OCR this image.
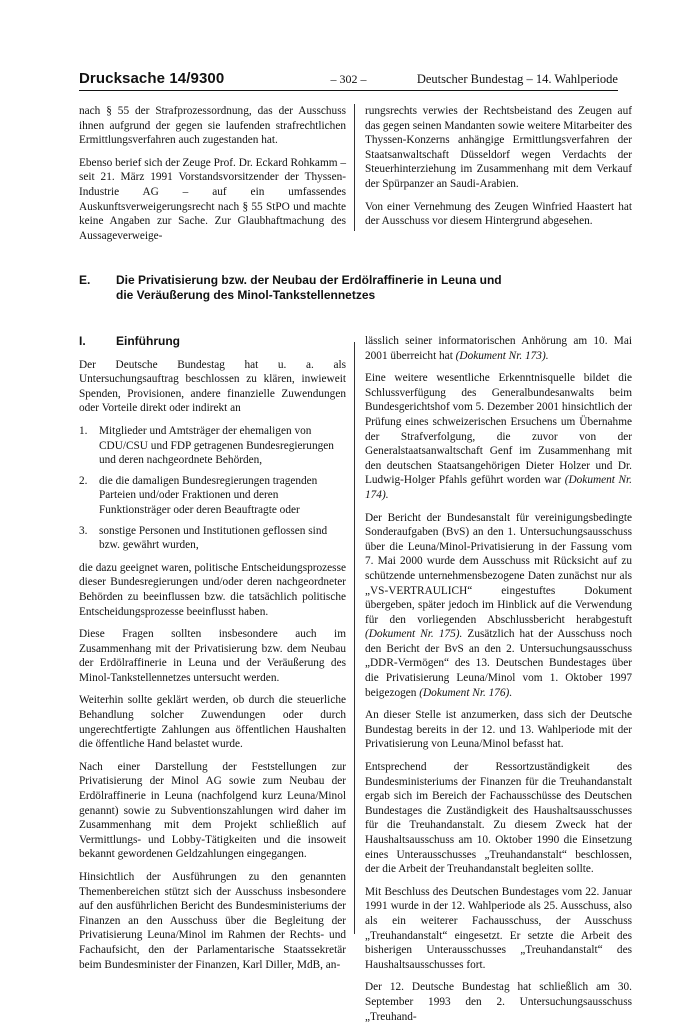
Drucksache 14/9300	– 302 –	Deutscher Bundestag – 14. Wahlperiode

nach § 55 der Strafprozessordnung, das der Ausschuss ihnen aufgrund der gegen sie laufenden strafrechtlichen Ermittlungsverfahren auch zugestanden hat.

Ebenso berief sich der Zeuge Prof. Dr. Eckard Rohkamm – seit 21. März 1991 Vorstandsvorsitzender der Thyssen-Industrie AG – auf ein umfassendes Auskunftsverweigerungsrecht nach § 55 StPO und machte keine Angaben zur Sache. Zur Glaubhaftmachung des Aussageverweige-

rungsrechts verwies der Rechtsbeistand des Zeugen auf das gegen seinen Mandanten sowie weitere Mitarbeiter des Thyssen-Konzerns anhängige Ermittlungsverfahren der Staatsanwaltschaft Düsseldorf wegen Verdachts der Steuerhinterziehung im Zusammenhang mit dem Verkauf der Spürpanzer an Saudi-Arabien.

Von einer Vernehmung des Zeugen Winfried Haastert hat der Ausschuss vor diesem Hintergrund abgesehen.

E. Die Privatisierung bzw. der Neubau der Erdölraffinerie in Leuna und
die Veräußerung des Minol-Tankstellennetzes
I.	Einführung

Der Deutsche Bundestag hat u. a. als Untersuchungsauftrag beschlossen zu klären, inwieweit Spenden, Provisionen, andere finanzielle Zuwendungen oder Vorteile direkt oder indirekt an

1.	Mitglieder und Amtsträger der ehemaligen von CDU/CSU und FDP getragenen Bundesregierungen und deren nachgeordnete Behörden,
2.	die die damaligen Bundesregierungen tragenden Parteien und/oder Fraktionen und deren Funktionsträger oder deren Beauftragte oder
3.	sonstige Personen und Institutionen geflossen sind bzw. gewährt wurden,

die dazu geeignet waren, politische Entscheidungsprozesse dieser Bundesregierungen und/oder deren nachgeordneter Behörden zu beeinflussen bzw. die tatsächlich politische Entscheidungsprozesse beeinflusst haben.

Diese Fragen sollten insbesondere auch im Zusammenhang mit der Privatisierung bzw. dem Neubau der Erdölraffinerie in Leuna und der Veräußerung des Minol-Tankstellennetzes untersucht werden.

Weiterhin sollte geklärt werden, ob durch die steuerliche Behandlung solcher Zuwendungen oder durch ungerechtfertigte Zahlungen aus öffentlichen Haushalten die öffentliche Hand belastet wurde.

Nach einer Darstellung der Feststellungen zur Privatisierung der Minol AG sowie zum Neubau der Erdölraffinerie in Leuna (nachfolgend kurz Leuna/Minol genannt) sowie zu Subventionszahlungen wird daher im Zusammenhang mit dem Projekt schließlich auf Vermittlungs- und Lobby-Tätigkeiten und die insoweit bekannt gewordenen Geldzahlungen eingegangen.

Hinsichtlich der Ausführungen zu den genannten Themenbereichen stützt sich der Ausschuss insbesondere auf den ausführlichen Bericht des Bundesministeriums der Finanzen an den Ausschuss über die Begleitung der Privatisierung Leuna/Minol im Rahmen der Rechts- und Fachaufsicht, den der Parlamentarische Staatssekretär beim Bundesminister der Finanzen, Karl Diller, MdB, an-

lässlich seiner informatorischen Anhörung am 10. Mai 2001 überreicht hat (Dokument Nr. 173).

Eine weitere wesentliche Erkenntnisquelle bildet die Schlussverfügung des Generalbundesanwalts beim Bundesgerichtshof vom 5. Dezember 2001 hinsichtlich der Prüfung eines schweizerischen Ersuchens um Übernahme der Strafverfolgung, die zuvor von der Generalstaatsanwaltschaft Genf im Zusammenhang mit den deutschen Staatsangehörigen Dieter Holzer und Dr. Ludwig-Holger Pfahls geführt worden war (Dokument Nr. 174).

Der Bericht der Bundesanstalt für vereinigungsbedingte Sonderaufgaben (BvS) an den 1. Untersuchungsausschuss über die Leuna/Minol-Privatisierung in der Fassung vom 7. Mai 2000 wurde dem Ausschuss mit Rücksicht auf zu schützende unternehmensbezogene Daten zunächst nur als „VS-VERTRAULICH“ eingestuftes Dokument übergeben, später jedoch im Hinblick auf die Verwendung für den vorliegenden Abschlussbericht herabgestuft (Dokument Nr. 175). Zusätzlich hat der Ausschuss noch den Bericht der BvS an den 2. Untersuchungsausschuss „DDR-Vermögen“ des 13. Deutschen Bundestages über die Privatisierung Leuna/Minol vom 1. Oktober 1997 beigezogen (Dokument Nr. 176).

An dieser Stelle ist anzumerken, dass sich der Deutsche Bundestag bereits in der 12. und 13. Wahlperiode mit der Privatisierung von Leuna/Minol befasst hat.

Entsprechend der Ressortzuständigkeit des Bundesministeriums der Finanzen für die Treuhandanstalt ergab sich im Bereich der Fachausschüsse des Deutschen Bundestages die Zuständigkeit des Haushaltsausschusses für die Treuhandanstalt. Zu diesem Zweck hat der Haushaltsausschuss am 10. Oktober 1990 die Einsetzung eines Unterausschusses „Treuhandanstalt“ beschlossen, der die Arbeit der Treuhandanstalt begleiten sollte.

Mit Beschluss des Deutschen Bundestages vom 22. Januar 1991 wurde in der 12. Wahlperiode als 25. Ausschuss, also als ein weiterer Fachausschuss, der Ausschuss „Treuhandanstalt“ eingesetzt. Er setzte die Arbeit des bisherigen Unterausschusses „Treuhandanstalt“ des Haushaltsausschusses fort.

Der 12. Deutsche Bundestag hat schließlich am 30. September 1993 den 2. Untersuchungsausschuss „Treuhand-
